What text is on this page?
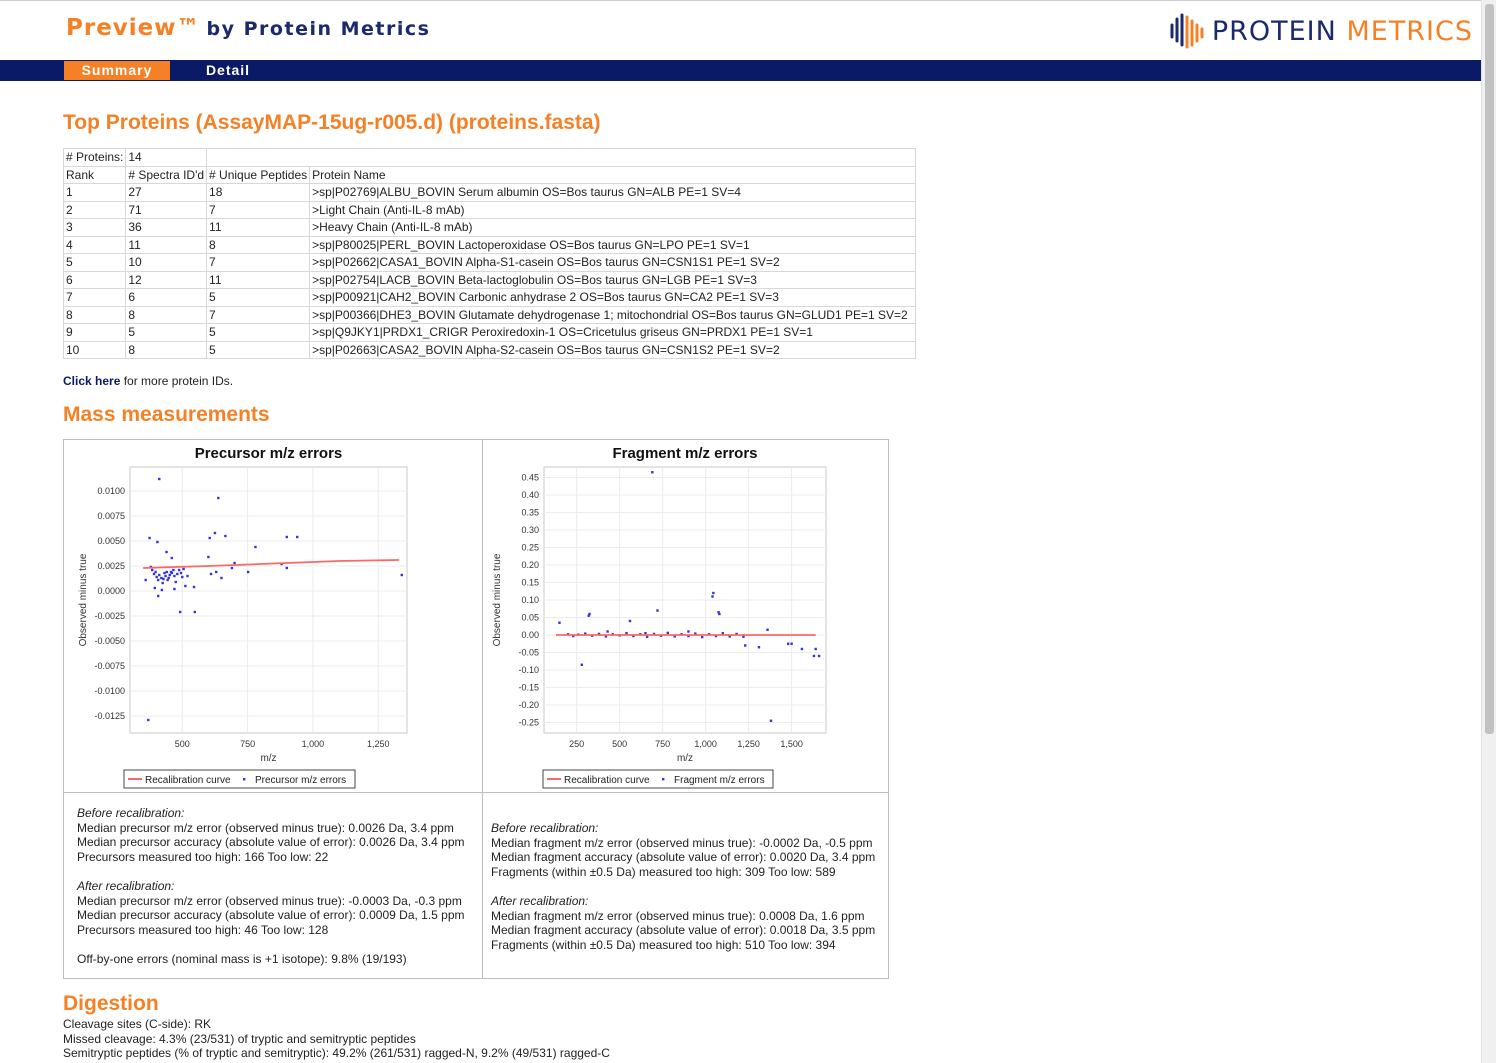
Preview™ by Protein Metrics	PROTEIN METRICS
Summary	Detail
Top Proteins (AssayMAP-15ug-r005.d) (proteins.fasta)
# Proteins:	14		
Rank	# Spectra ID'd	# Unique Peptides	Protein Name
1	27	18	>sp|P02769|ALBU_BOVIN Serum albumin OS=Bos taurus GN=ALB PE=1 SV=4
2	71	7	>Light Chain (Anti-IL-8 mAb)
3	36	11	>Heavy Chain (Anti-IL-8 mAb)
4	11	8	>sp|P80025|PERL_BOVIN Lactoperoxidase OS=Bos taurus GN=LPO PE=1 SV=1
5	10	7	>sp|P02662|CASA1_BOVIN Alpha-S1-casein OS=Bos taurus GN=CSN1S1 PE=1 SV=2
6	12	11	>sp|P02754|LACB_BOVIN Beta-lactoglobulin OS=Bos taurus GN=LGB PE=1 SV=3
7	6	5	>sp|P00921|CAH2_BOVIN Carbonic anhydrase 2 OS=Bos taurus GN=CA2 PE=1 SV=3
8	8	7	>sp|P00366|DHE3_BOVIN Glutamate dehydrogenase 1; mitochondrial OS=Bos taurus GN=GLUD1 PE=1 SV=2
9	5	5	>sp|Q9JKY1|PRDX1_CRIGR Peroxiredoxin-1 OS=Cricetulus griseus GN=PRDX1 PE=1 SV=1
10	8	5	>sp|P02663|CASA2_BOVIN Alpha-S2-casein OS=Bos taurus GN=CSN1S2 PE=1 SV=2
Click here for more protein IDs.
Mass measurements
Precursor m/z errors
500	750	1,000	1,250
0.0100
0.0075
0.0050
0.0025
0.0000
-0.0025
-0.0050
-0.0075
-0.0100
-0.0125
m/z
Observed minus true
Recalibration curve Precursor m/z errors
Fragment m/z errors
250	500	750	1,000 1,250 1,500
0.45
0.40
0.35
0.30
0.25
0.20
0.15
0.10
0.05
0.00
-0.05
-0.10
-0.15
-0.20
-0.25
m/z
Observed minus true
Recalibration curve Fragment m/z errors
Before recalibration:
Median precursor m/z error (observed minus true): 0.0026 Da, 3.4 ppm
Median precursor accuracy (absolute value of error): 0.0026 Da, 3.4 ppm
Precursors measured too high: 166 Too low: 22
After recalibration:
Median precursor m/z error (observed minus true): -0.0003 Da, -0.3 ppm
Median precursor accuracy (absolute value of error): 0.0009 Da, 1.5 ppm
Precursors measured too high: 46 Too low: 128
Off-by-one errors (nominal mass is +1 isotope): 9.8% (19/193)
Before recalibration:
Median fragment m/z error (observed minus true): -0.0002 Da, -0.5 ppm
Median fragment accuracy (absolute value of error): 0.0020 Da, 3.4 ppm
Fragments (within ±0.5 Da) measured too high: 309 Too low: 589
After recalibration:
Median fragment m/z error (observed minus true): 0.0008 Da, 1.6 ppm
Median fragment accuracy (absolute value of error): 0.0018 Da, 3.5 ppm
Fragments (within ±0.5 Da) measured too high: 510 Too low: 394
Digestion
Cleavage sites (C-side): RK
Missed cleavage: 4.3% (23/531) of tryptic and semitryptic peptides
Semitryptic peptides (% of tryptic and semitryptic): 49.2% (261/531) ragged-N, 9.2% (49/531) ragged-C
